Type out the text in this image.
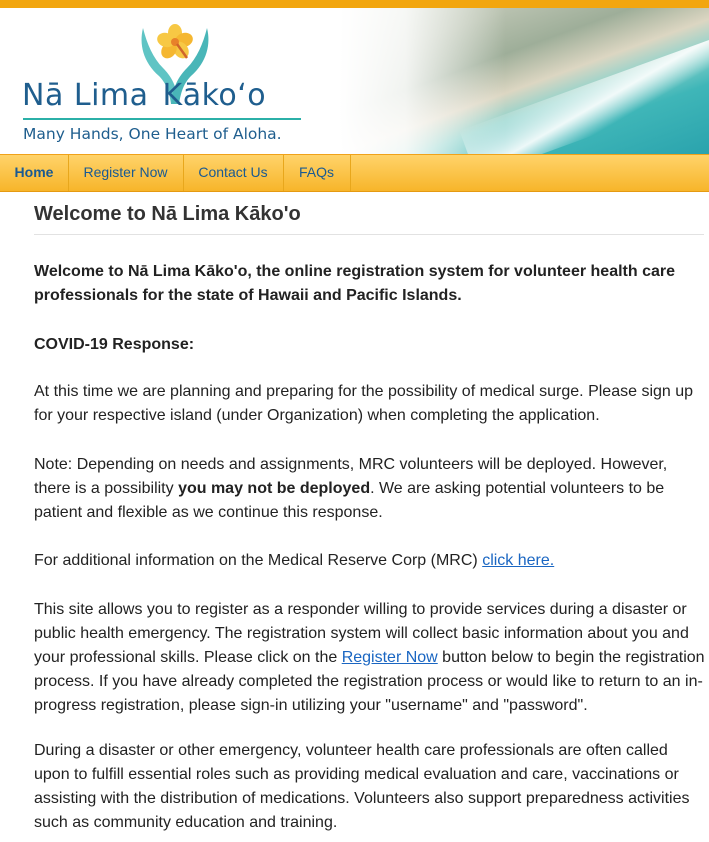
Nā Lima Kāko‘o
Many Hands, One Heart of Aloha.
Home	Register Now	Contact Us	FAQs
Welcome to Nā Lima Kāko'o

Welcome to Nā Lima Kāko'o, the online registration system for volunteer health care professionals for the state of Hawaii and Pacific Islands.

COVID-19 Response:

At this time we are planning and preparing for the possibility of medical surge. Please sign up for your respective island (under Organization) when completing the application.

Note: Depending on needs and assignments, MRC volunteers will be deployed. However, there is a possibility you may not be deployed. We are asking potential volunteers to be patient and flexible as we continue this response.

For additional information on the Medical Reserve Corp (MRC) click here.

This site allows you to register as a responder willing to provide services during a disaster or public health emergency. The registration system will collect basic information about you and your professional skills. Please click on the Register Now button below to begin the registration process. If you have already completed the registration process or would like to return to an in-progress registration, please sign-in utilizing your "username" and "password".

During a disaster or other emergency, volunteer health care professionals are often called upon to fulfill essential roles such as providing medical evaluation and care, vaccinations or assisting with the distribution of medications. Volunteers also support preparedness activities such as community education and training.
